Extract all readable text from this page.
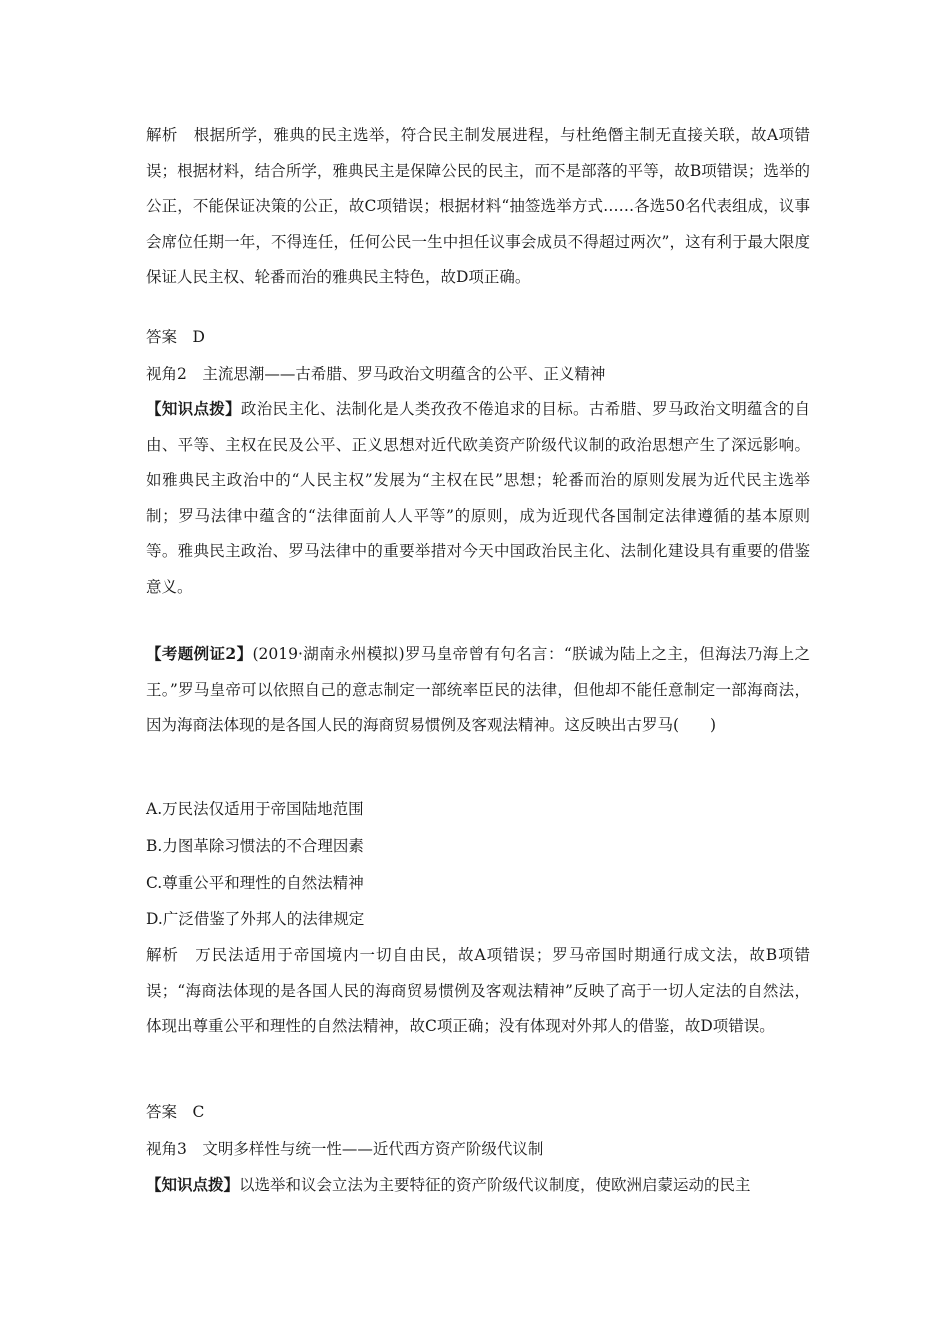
解析　 根据所学，雅典的民主选举，符合民主制发展进程，与杜绝僭主制无直接关联，故A项错误；根据材料，结合所学，雅典民主是保障公民的民主，而不是部落的平等，故B项错误；选举的公正，不能保证决策的公正，故C项错误；根据材料“抽签选举方式……各选50名代表组成，议事会席位任期一年，不得连任，任何公民一生中担任议事会成员不得超过两次”，这有利于最大限度保证人民主权、轮番而治的雅典民主特色，故D项正确。

答案　 D

视角2　 主流思潮——古希腊、罗马政治文明蕴含的公平、正义精神

【知识点拨】政治民主化、法制化是人类孜孜不倦追求的目标。古希腊、罗马政治文明蕴含的自由、平等、主权在民及公平、正义思想对近代欧美资产阶级代议制的政治思想产生了深远影响。如雅典民主政治中的“人民主权”发展为“主权在民”思想；轮番而治的原则发展为近代民主选举制；罗马法律中蕴含的“法律面前人人平等”的原则，成为近现代各国制定法律遵循的基本原则等。雅典民主政治、罗马法律中的重要举措对今天中国政治民主化、法制化建设具有重要的借鉴意义。

【考题例证2】(2019·湖南永州模拟)罗马皇帝曾有句名言：“朕诚为陆上之主，但海法乃海上之王。”罗马皇帝可以依照自己的意志制定一部统率臣民的法律，但他却不能任意制定一部海商法，因为海商法体现的是各国人民的海商贸易惯例及客观法精神。这反映出古罗马(　　)

A.万民法仅适用于帝国陆地范围

B.力图革除习惯法的不合理因素

C.尊重公平和理性的自然法精神

D.广泛借鉴了外邦人的法律规定

解析　 万民法适用于帝国境内一切自由民，故A项错误；罗马帝国时期通行成文法，故B项错误；“海商法体现的是各国人民的海商贸易惯例及客观法精神”反映了高于一切人定法的自然法，体现出尊重公平和理性的自然法精神，故C项正确；没有体现对外邦人的借鉴，故D项错误。

答案　 C

视角3　 文明多样性与统一性——近代西方资产阶级代议制

【知识点拨】以选举和议会立法为主要特征的资产阶级代议制度，使欧洲启蒙运动的民主
